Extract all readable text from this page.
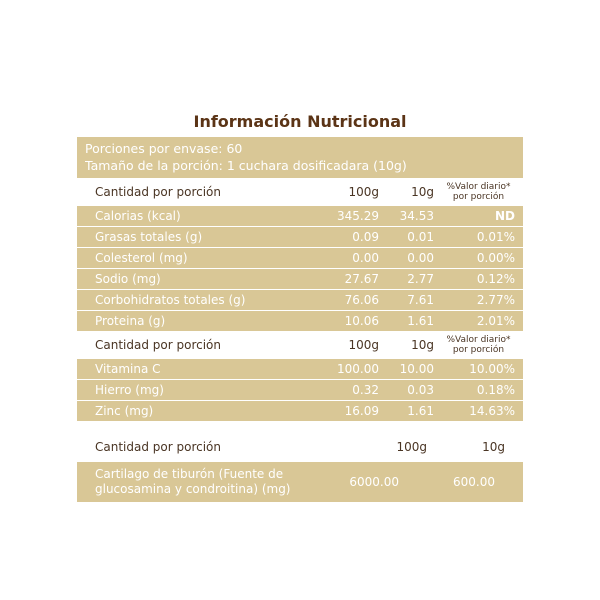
Información Nutricional
Porciones por envase: 60
Tamaño de la porción: 1 cuchara dosificadara (10g)
Cantidad por porción	100g	10g	%Valor diario*
por porción
Calorias (kcal)	345.29	34.53	ND
Grasas totales (g)	0.09	0.01	0.01%
Colesterol (mg)	0.00	0.00	0.00%
Sodio (mg)	27.67	2.77	0.12%
Corbohidratos totales (g)	76.06	7.61	2.77%
Proteina (g)	10.06	1.61	2.01%
Cantidad por porción	100g	10g	%Valor diario*
por porción
Vitamina C	100.00	10.00	10.00%
Hierro (mg)	0.32	0.03	0.18%
Zinc (mg)	16.09	1.61	14.63%
Cantidad por porción	100g	10g
Cartilago de tiburón (Fuente de
glucosamina y condroitina) (mg)	6000.00	600.00
